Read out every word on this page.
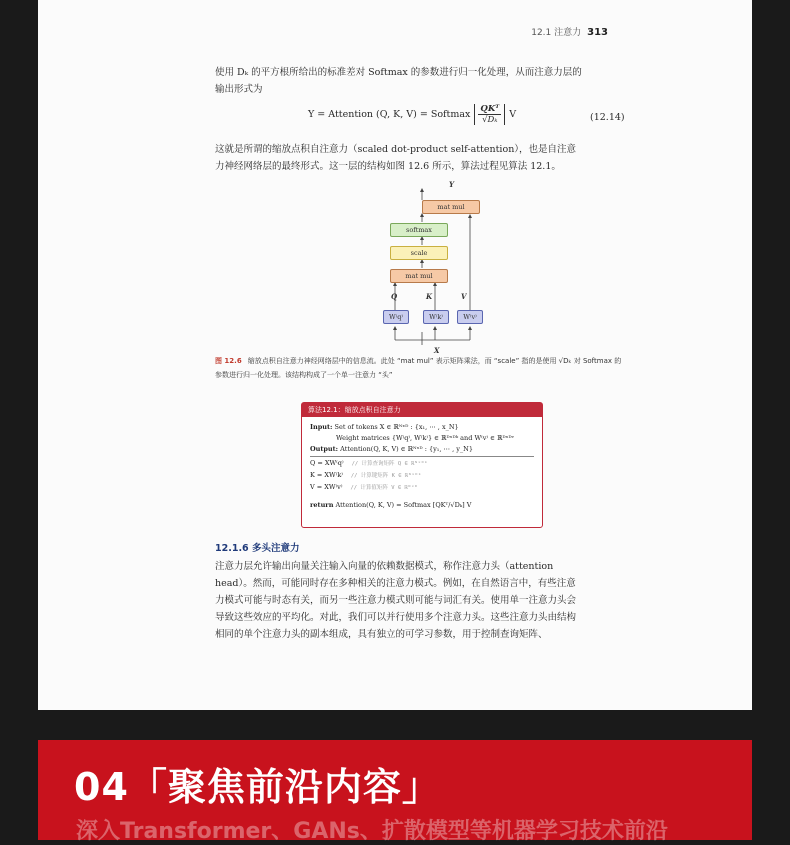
12.1 注意力 313
使用 Dₖ 的平方根所给出的标准差对 Softmax 的参数进行归一化处理，从而注意力层的输出形式为
Y = Attention (Q, K, V) = Softmax $\frac{\text{QKᵀ}}{\text{√Dₖ}}$ V	(12.14)
这就是所谓的缩放点积自注意力（scaled dot-product self-attention），也是自注意力神经网络层的最终形式。这一层的结构如图 12.6 所示，算法过程见算法 12.1。
Y
mat mul
softmax
scale
mat mul
Q	K	V
W⁽q⁾	W⁽k⁾	W⁽v⁾
X
图 12.6 缩放点积自注意力神经网络层中的信息流。此处 “mat mul” 表示矩阵乘法，而 “scale” 指的是使用 √Dₖ 对 Softmax 的参数进行归一化处理。该结构构成了一个单一注意力 “头”
算法12.1：缩放点积自注意力
Input: Set of tokens X ∈ ℝᴺˣᴰ : {x₁, ⋯ , x_N}
Weight matrices {W⁽q⁾, W⁽k⁾} ∈ ℝᴰˣᴰᵏ and W⁽v⁾ ∈ ℝᴰˣᴰᵛ
Output: Attention(Q, K, V) ∈ ℝᴺˣᴰ : {y₁, ⋯ , y_N}
Q = XW⁽q⁾ // 计算查询矩阵 Q ∈ ℝᴺˣᴰᵏ
K = XW⁽k⁾ // 计算键矩阵 K ∈ ℝᴺˣᴰᵏ
V = XW⁽v⁾ // 计算值矩阵 V ∈ ℝᴺˣᴰ
return Attention(Q, K, V) = Softmax [QKᵀ/√Dₖ] V
12.1.6 多头注意力
注意力层允许输出向量关注输入向量的依赖数据模式，称作注意力头（attention head）。然而，可能同时存在多种相关的注意力模式。例如，在自然语言中，有些注意力模式可能与时态有关，而另一些注意力模式则可能与词汇有关。使用单一注意力头会导致这些效应的平均化。对此，我们可以并行使用多个注意力头。这些注意力头由结构相同的单个注意力头的副本组成，具有独立的可学习参数，用于控制查询矩阵、
04「聚焦前沿内容」
深入Transformer、GANs、扩散模型等机器学习技术前沿
